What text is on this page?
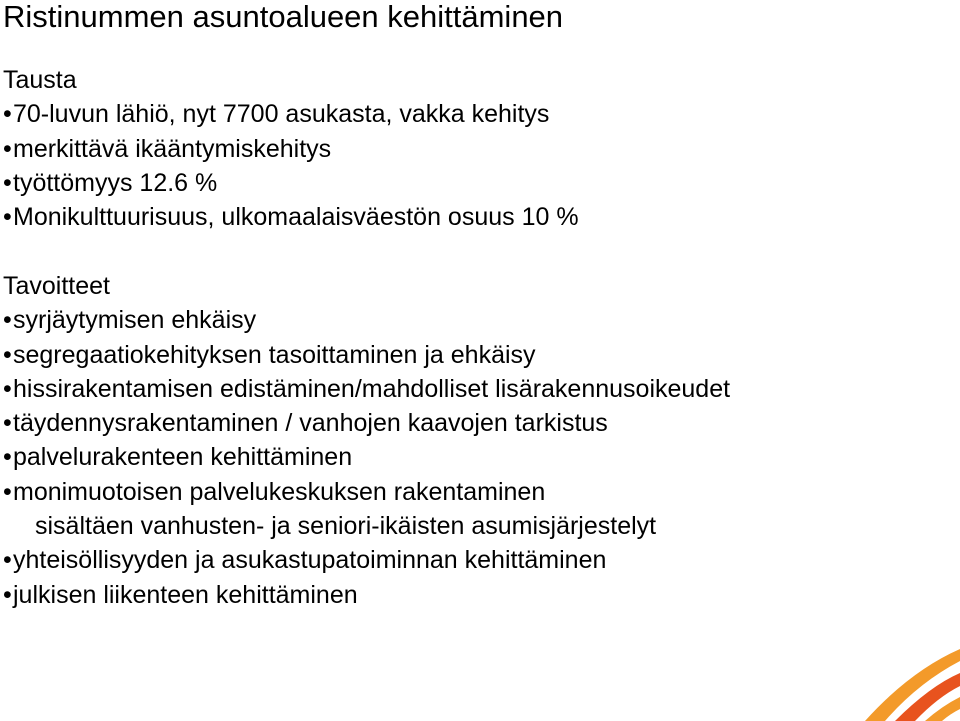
Ristinummen asuntoalueen kehittäminen
Tausta
• 70-luvun lähiö, nyt 7700 asukasta, vakka kehitys
• merkittävä ikääntymiskehitys
• työttömyys 12.6 %
• Monikulttuurisuus, ulkomaalaisväestön osuus 10 %
Tavoitteet
• syrjäytymisen ehkäisy
• segregaatiokehityksen tasoittaminen ja ehkäisy
• hissirakentamisen edistäminen/mahdolliset lisärakennusoikeudet
• täydennysrakentaminen / vanhojen kaavojen tarkistus
• palvelurakenteen kehittäminen
• monimuotoisen palvelukeskuksen rakentaminen
sisältäen vanhusten- ja seniori-ikäisten asumisjärjestelyt
• yhteisöllisyyden ja asukastupatoiminnan kehittäminen
• julkisen liikenteen kehittäminen
